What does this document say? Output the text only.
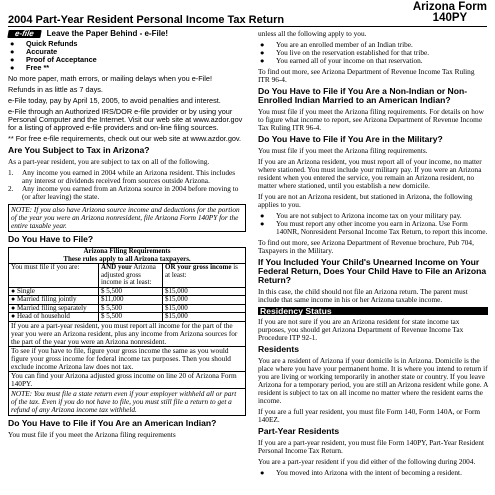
Arizona Form
140PY
2004 Part-Year Resident Personal Income Tax Return
e-file	Leave the Paper Behind - e-File!
●	Quick Refunds
●	Accurate
●	Proof of Acceptance
●	Free **

No more paper, math errors, or mailing delays when you e-File!

Refunds in as little as 7 days.

e-File today, pay by April 15, 2005, to avoid penalties and interest.

e-File through an Authorized IRS/DOR e-file provider or by using your Personal Computer and the Internet. Visit our web site at www.azdor.gov for a listing of approved e-file providers and on-line filing sources.

** For free e-file requirements, check out our web site at www.azdor.gov.

Are You Subject to Tax in Arizona?

As a part-year resident, you are subject to tax on all of the following.

1.	Any income you earned in 2004 while an Arizona resident. This includes any interest or dividends received from sources outside Arizona.
2.	Any income you earned from an Arizona source in 2004 before moving to (or after leaving) the state.
NOTE: If you also have Arizona source income and deductions for the portion of the year you were an Arizona nonresident, file Arizona Form 140PY for the entire taxable year.
Do You Have to File?
Arizona Filing Requirements
These rules apply to all Arizona taxpayers.
You must file if you are:	AND your Arizona adjusted gross income is at least:	OR your gross income is at least:
● Single	$ 5,500	$15,000
● Married filing jointly	$11,000	$15,000
● Married filing separately	$ 5,500	$15,000
● Head of household	$ 5,500	$15,000
If you are a part-year resident, you must report all income for the part of the year you were an Arizona resident, plus any income from Arizona sources for the part of the year you were an Arizona nonresident.
To see if you have to file, figure your gross income the same as you would figure your gross income for federal income tax purposes. Then you should exclude income Arizona law does not tax.
You can find your Arizona adjusted gross income on line 20 of Arizona Form 140PY.
NOTE: You must file a state return even if your employer withheld all or part of the tax. Even if you do not have to file, you must still file a return to get a refund of any Arizona income tax withheld.
Do You Have to File if You Are an American Indian?

You must file if you meet the Arizona filing requirements

unless all the following apply to you.

●	You are an enrolled member of an Indian tribe.
●	You live on the reservation established for that tribe.
●	You earned all of your income on that reservation.

To find out more, see Arizona Department of Revenue Income Tax Ruling ITR 96-4.

Do You Have to File if You Are a Non-Indian or Non-Enrolled Indian Married to an American Indian?

You must file if you meet the Arizona filing requirements. For details on how to figure what income to report, see Arizona Department of Revenue Income Tax Ruling ITR 96-4.

Do You Have to File if You Are in the Military?

You must file if you meet the Arizona filing requirements.

If you are an Arizona resident, you must report all of your income, no matter where stationed. You must include your military pay. If you were an Arizona resident when you entered the service, you remain an Arizona resident, no matter where stationed, until you establish a new domicile.

If you are not an Arizona resident, but stationed in Arizona, the following applies to you.

●	You are not subject to Arizona income tax on your military pay.
●	You must report any other income you earn in Arizona. Use Form 140NR, Nonresident Personal Income Tax Return, to report this income.

To find out more, see Arizona Department of Revenue brochure, Pub 704, Taxpayers in the Military.

If You Included Your Child's Unearned Income on Your Federal Return, Does Your Child Have to File an Arizona Return?

In this case, the child should not file an Arizona return. The parent must include that same income in his or her Arizona taxable income.

Residency Status

If you are not sure if you are an Arizona resident for state income tax purposes, you should get Arizona Department of Revenue Income Tax Procedure ITP 92-1.

Residents

You are a resident of Arizona if your domicile is in Arizona. Domicile is the place where you have your permanent home. It is where you intend to return if you are living or working temporarily in another state or country. If you leave Arizona for a temporary period, you are still an Arizona resident while gone. A resident is subject to tax on all income no matter where the resident earns the income.

If you are a full year resident, you must file Form 140, Form 140A, or Form 140EZ.

Part-Year Residents

If you are a part-year resident, you must file Form 140PY, Part-Year Resident Personal Income Tax Return.

You are a part-year resident if you did either of the following during 2004.

●	You moved into Arizona with the intent of becoming a resident.
